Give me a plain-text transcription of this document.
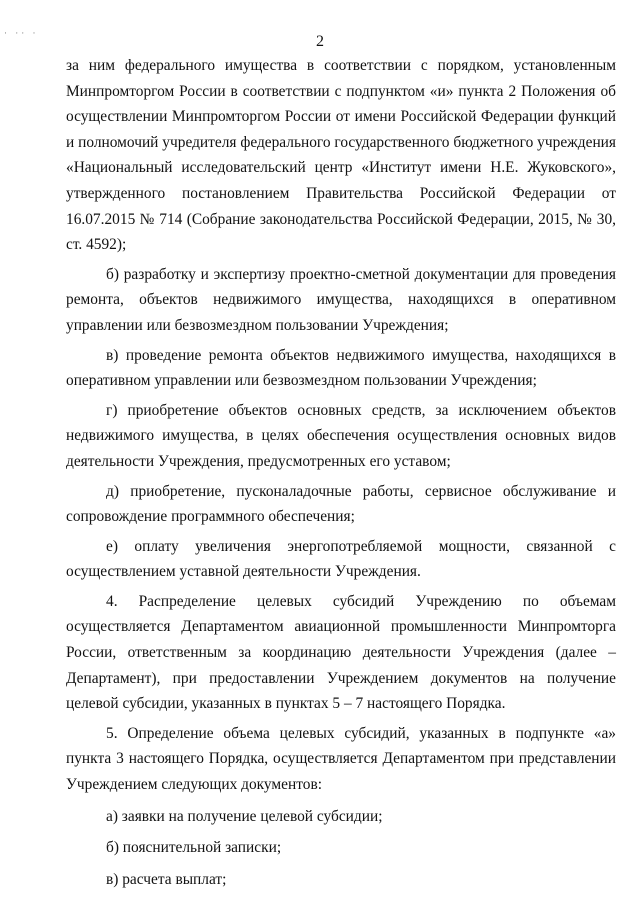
· ·· ·	2

за ним федерального имущества в соответствии с порядком, установленным Минпромторгом России в соответствии с подпунктом «и» пункта 2 Положения об осуществлении Минпромторгом России от имени Российской Федерации функций и полномочий учредителя федерального государственного бюджетного учреждения «Национальный исследовательский центр «Институт имени Н.Е. Жуковского», утвержденного постановлением Правительства Российской Федерации от 16.07.2015 № 714 (Собрание законодательства Российской Федерации, 2015, № 30, ст. 4592);

б) разработку и экспертизу проектно-сметной документации для проведения ремонта, объектов недвижимого имущества, находящихся в оперативном управлении или безвозмездном пользовании Учреждения;

в) проведение ремонта объектов недвижимого имущества, находящихся в оперативном управлении или безвозмездном пользовании Учреждения;

г) приобретение объектов основных средств, за исключением объектов недвижимого имущества, в целях обеспечения осуществления основных видов деятельности Учреждения, предусмотренных его уставом;

д) приобретение, пусконаладочные работы, сервисное обслуживание и сопровождение программного обеспечения;

е) оплату увеличения энергопотребляемой мощности, связанной с осуществлением уставной деятельности Учреждения.

4. Распределение целевых субсидий Учреждению по объемам осуществляется Департаментом авиационной промышленности Минпромторга России, ответственным за координацию деятельности Учреждения (далее – Департамент), при предоставлении Учреждением документов на получение целевой субсидии, указанных в пунктах 5 – 7 настоящего Порядка.

5. Определение объема целевых субсидий, указанных в подпункте «а» пункта 3 настоящего Порядка, осуществляется Департаментом при представлении Учреждением следующих документов:

а) заявки на получение целевой субсидии;

б) пояснительной записки;

в) расчета выплат;
